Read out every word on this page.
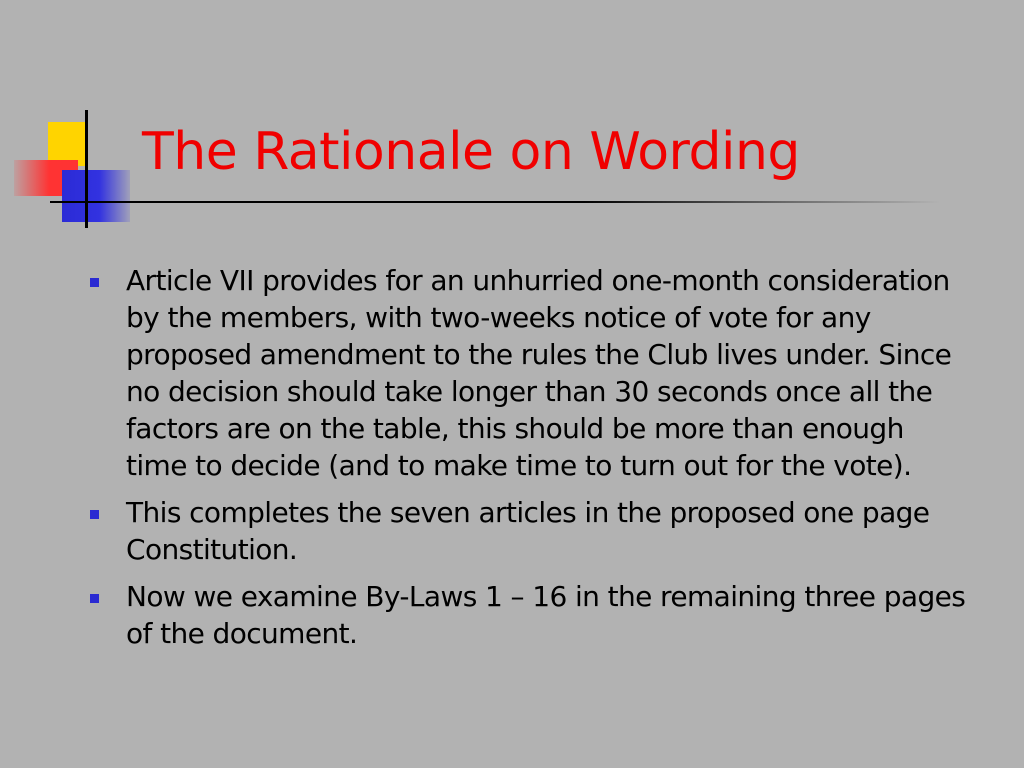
The Rationale on Wording
Article VII provides for an unhurried one-month consideration by the members, with two-weeks notice of vote for any proposed amendment to the rules the Club lives under. Since no decision should take longer than 30 seconds once all the factors are on the table, this should be more than enough time to decide (and to make time to turn out for the vote).
This completes the seven articles in the proposed one page Constitution.
Now we examine By-Laws 1 – 16 in the remaining three pages of the document.
